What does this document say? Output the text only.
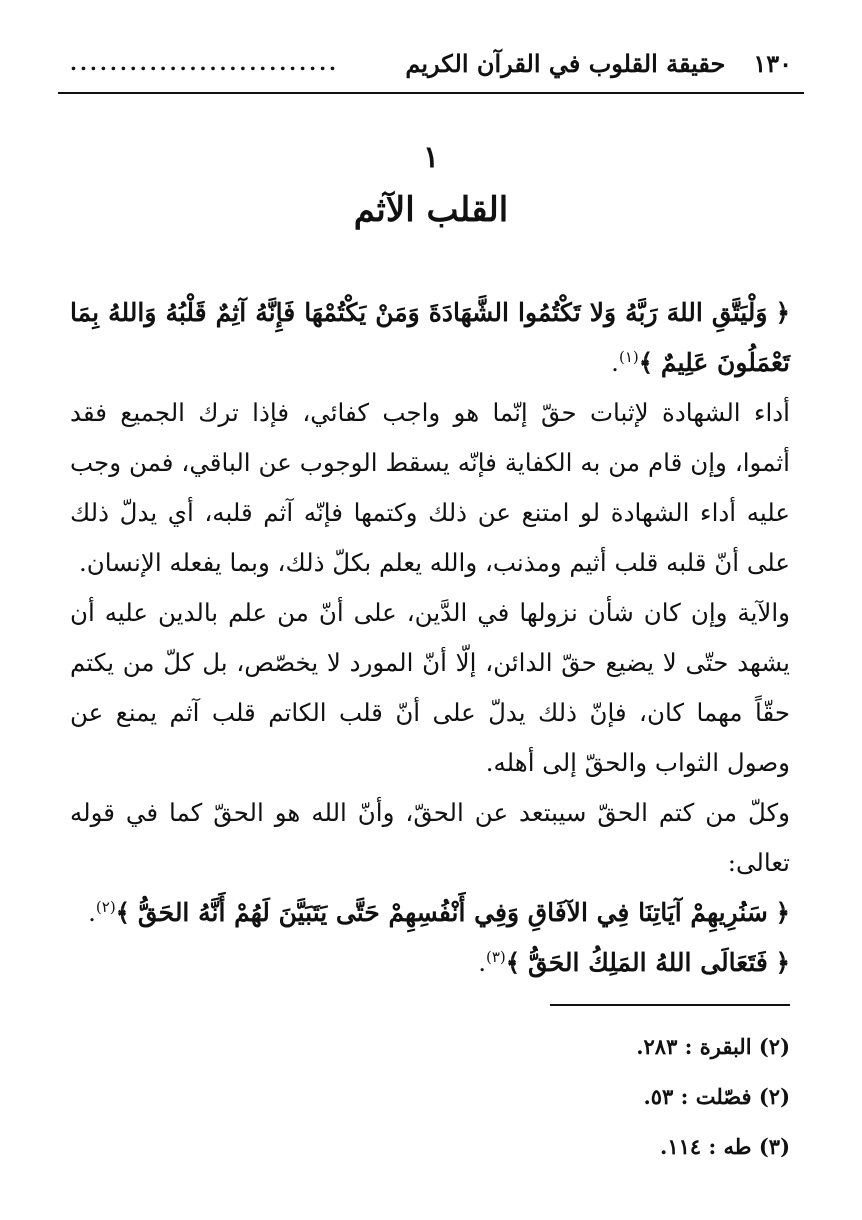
١٣٠
حقيقة القلوب في القرآن الكريم
...........................
١
القلب الآثم

﴿ وَلْيَتَّقِ اللهَ رَبَّهُ وَلا تَكْتُمُوا الشَّهَادَةَ وَمَنْ يَكْتُمْهَا فَإِنَّهُ آثِمٌ قَلْبُهُ وَاللهُ بِمَا تَعْمَلُونَ عَلِيمٌ ﴾$^{(١)}$.

أداء الشهادة لإثبات حقّ إنّما هو واجب كفائي، فإذا ترك الجميع فقد أثموا، وإن قام من به الكفاية فإنّه يسقط الوجوب عن الباقي، فمن وجب عليه أداء الشهادة لو امتنع عن ذلك وكتمها فإنّه آثم قلبه، أي يدلّ ذلك على أنّ قلبه قلب أثيم ومذنب، والله يعلم بكلّ ذلك، وبما يفعله الإنسان.

والآية وإن كان شأن نزولها في الدَّين، على أنّ من علم بالدين عليه أن يشهد حتّى لا يضيع حقّ الدائن، إلّا أنّ المورد لا يخصّص، بل كلّ من يكتم حقّاً مهما كان، فإنّ ذلك يدلّ على أنّ قلب الكاتم قلب آثم يمنع عن وصول الثواب والحقّ إلى أهله.

وكلّ من كتم الحقّ سيبتعد عن الحقّ، وأنّ الله هو الحقّ كما في قوله تعالى:

﴿ سَنُرِيهِمْ آيَاتِنَا فِي الآفَاقِ وَفِي أَنْفُسِهِمْ حَتَّى يَتَبَيَّنَ لَهُمْ أَنَّهُ الحَقُّ ﴾$^{(٢)}$.

﴿ فَتَعَالَى اللهُ المَلِكُ الحَقُّ ﴾$^{(٣)}$.

(٢) البقرة : ٢٨٣.
(٢) فصّلت : ٥٣.
(٣) طه : ١١٤.
